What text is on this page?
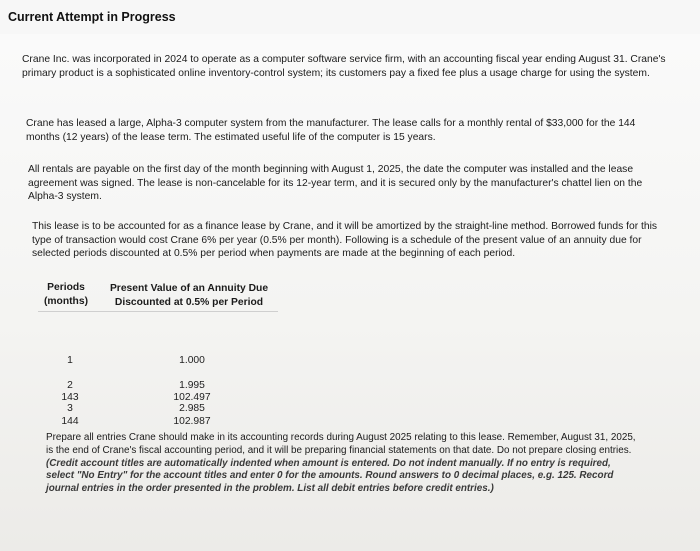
Current Attempt in Progress

Crane Inc. was incorporated in 2024 to operate as a computer software service firm, with an accounting fiscal year ending August 31. Crane's primary product is a sophisticated online inventory-control system; its customers pay a fixed fee plus a usage charge for using the system.

Crane has leased a large, Alpha-3 computer system from the manufacturer. The lease calls for a monthly rental of $33,000 for the 144 months (12 years) of the lease term. The estimated useful life of the computer is 15 years.

All rentals are payable on the first day of the month beginning with August 1, 2025, the date the computer was installed and the lease agreement was signed. The lease is non-cancelable for its 12-year term, and it is secured only by the manufacturer's chattel lien on the Alpha-3 system.

This lease is to be accounted for as a finance lease by Crane, and it will be amortized by the straight-line method. Borrowed funds for this type of transaction would cost Crane 6% per year (0.5% per month). Following is a schedule of the present value of an annuity due for selected periods discounted at 0.5% per period when payments are made at the beginning of each period.

Periods
(months)
Present Value of an Annuity Due
Discounted at 0.5% per Period
1	1.000
2	1.995
3	2.985
143	102.497
144	102.987

Prepare all entries Crane should make in its accounting records during August 2025 relating to this lease. Remember, August 31, 2025, is the end of Crane's fiscal accounting period, and it will be preparing financial statements on that date. Do not prepare closing entries. (Credit account titles are automatically indented when amount is entered. Do not indent manually. If no entry is required, select "No Entry" for the account titles and enter 0 for the amounts. Round answers to 0 decimal places, e.g. 125. Record journal entries in the order presented in the problem. List all debit entries before credit entries.)
